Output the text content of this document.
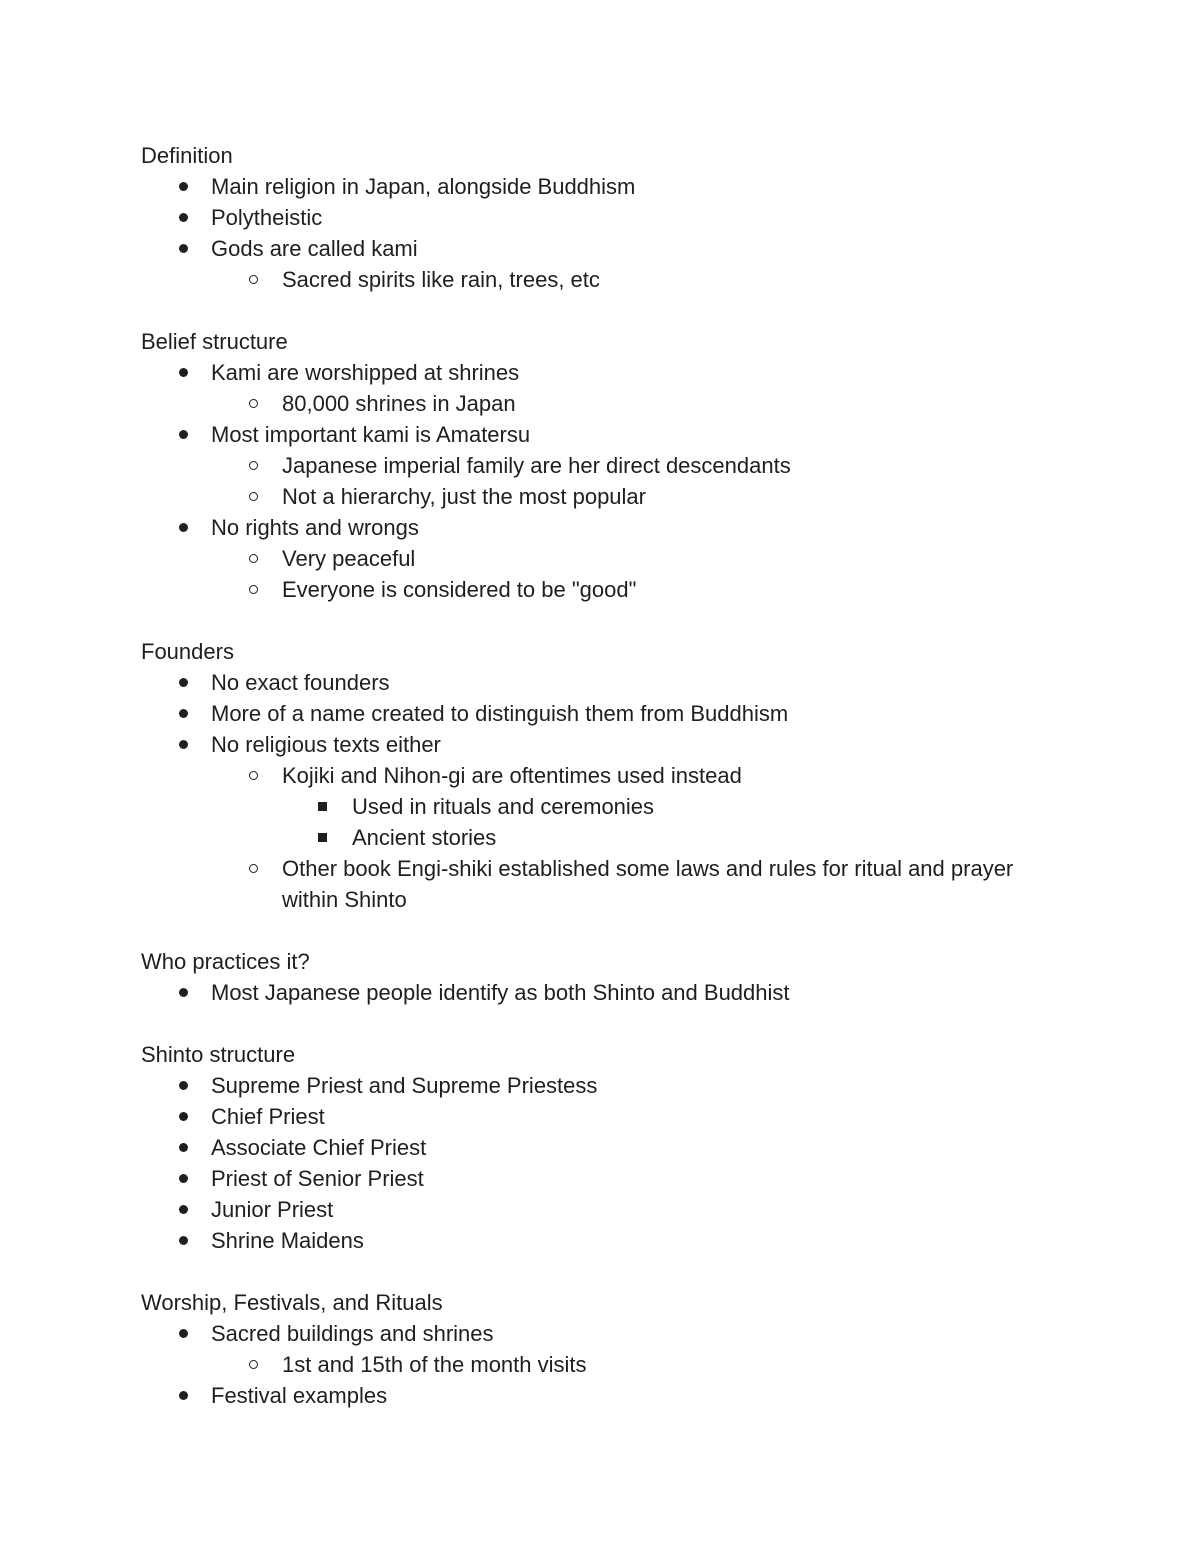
Definition
Main religion in Japan, alongside Buddhism
Polytheistic
Gods are called kami
Sacred spirits like rain, trees, etc
Belief structure
Kami are worshipped at shrines
80,000 shrines in Japan
Most important kami is Amatersu
Japanese imperial family are her direct descendants
Not a hierarchy, just the most popular
No rights and wrongs
Very peaceful
Everyone is considered to be "good"
Founders
No exact founders
More of a name created to distinguish them from Buddhism
No religious texts either
Kojiki and Nihon-gi are oftentimes used instead
Used in rituals and ceremonies
Ancient stories
Other book Engi-shiki established some laws and rules for ritual and prayer within Shinto
Who practices it?
Most Japanese people identify as both Shinto and Buddhist
Shinto structure
Supreme Priest and Supreme Priestess
Chief Priest
Associate Chief Priest
Priest of Senior Priest
Junior Priest
Shrine Maidens
Worship, Festivals, and Rituals
Sacred buildings and shrines
1st and 15th of the month visits
Festival examples
